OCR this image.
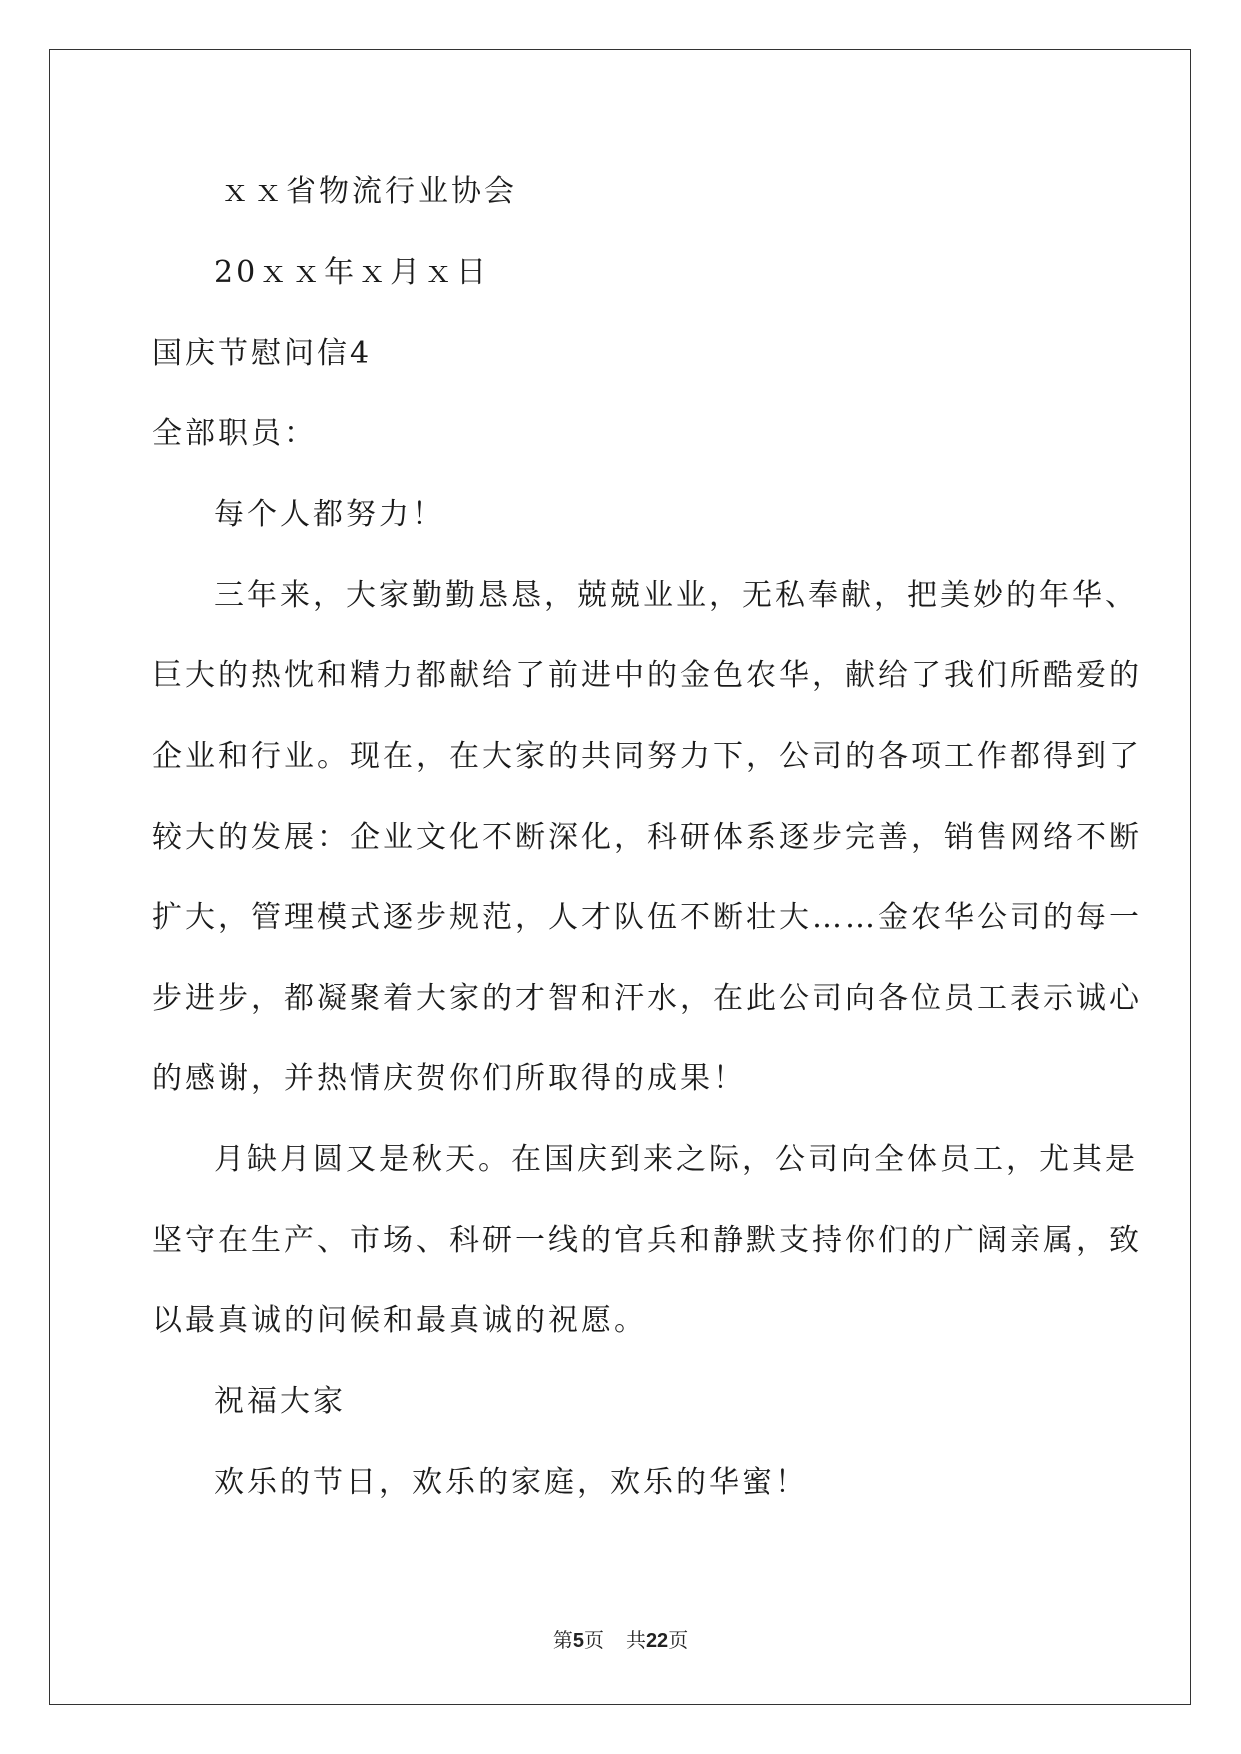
ｘｘ省物流行业协会
20ｘｘ年ｘ月ｘ日
国庆节慰问信4
全部职员：
每个人都努力！
三年来，大家勤勤恳恳，兢兢业业，无私奉献，把美妙的年华、
巨大的热忱和精力都献给了前进中的金色农华，献给了我们所酷爱的
企业和行业。现在，在大家的共同努力下，公司的各项工作都得到了
较大的发展：企业文化不断深化，科研体系逐步完善，销售网络不断
扩大，管理模式逐步规范，人才队伍不断壮大……金农华公司的每一
步进步，都凝聚着大家的才智和汗水，在此公司向各位员工表示诚心
的感谢，并热情庆贺你们所取得的成果！
月缺月圆又是秋天。在国庆到来之际，公司向全体员工，尤其是
坚守在生产、市场、科研一线的官兵和静默支持你们的广阔亲属，致
以最真诚的问候和最真诚的祝愿。
祝福大家
欢乐的节日，欢乐的家庭，欢乐的华蜜！
第5页 共22页
